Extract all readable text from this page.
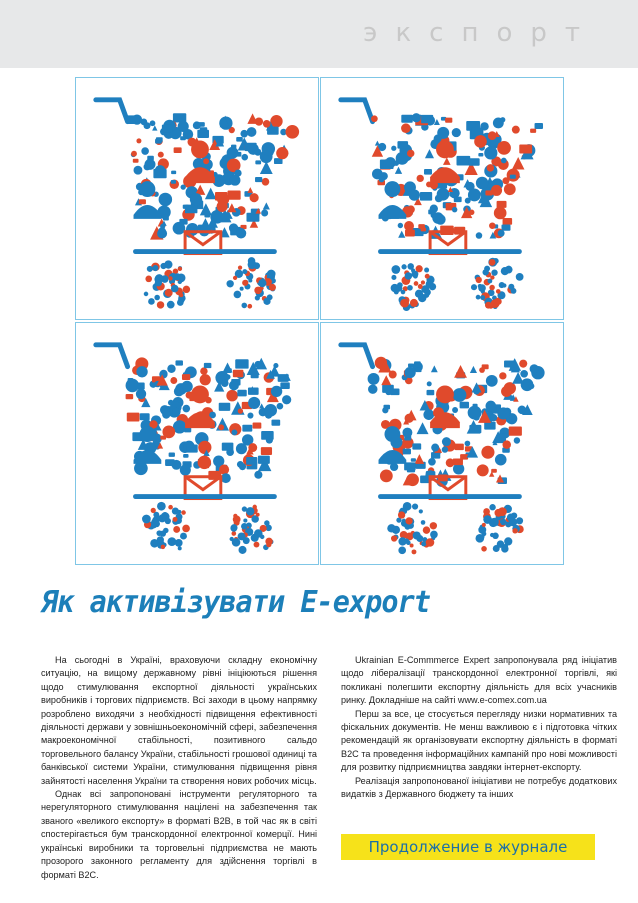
экспорт
Як активізувати E-export

На сьогодні в Україні, враховуючи складну економічну ситуацію, на вищому державному рівні ініціюються рішення щодо стимулювання експортної діяльності українських виробників і торгових підприємств. Всі заходи в цьому напрямку розроблено виходячи з необхідності підвищення ефективності діяльності держави у зовнішньоекономічній сфері, забезпечення макроекономічної стабільності, позитивного сальдо торговельного балансу України, стабільності грошової одиниці та банківської системи України, стимулювання підвищення рівня зайнятості населення України та створення нових робочих місць.

Однак всі запропоновані інструменти регуляторного та нерегуляторного стимулювання націлені на забезпечення так званого «великого експорту» в форматі B2B, в той час як в світі спостерігається бум транскордонної електронної комерції. Нині українські виробники та торговельні підприємства не мають прозорого законного регламенту для здійснення торгівлі в форматі B2C.

Ukrainian E-Commmerce Expert запропонувала ряд ініціатив щодо лібералізації транскордонної електронної торгівлі, які покликані полегшити експортну діяльність для всіх учасників ринку. Докладніше на сайті www.e-comex.com.ua

Перш за все, це стосується перегляду низки нормативних та фіскальних документів. Не менш важливою є і підготовка чітких рекомендацій як організовувати експортну діяльність в форматі B2C та проведення інформаційних кампаній про нові можливості для розвитку підприємництва завдяки інтернет-експорту.

Реалізація запропонованої ініціативи не потребує додаткових видатків з Державного бюджету та інших

Продолжение в журнале
